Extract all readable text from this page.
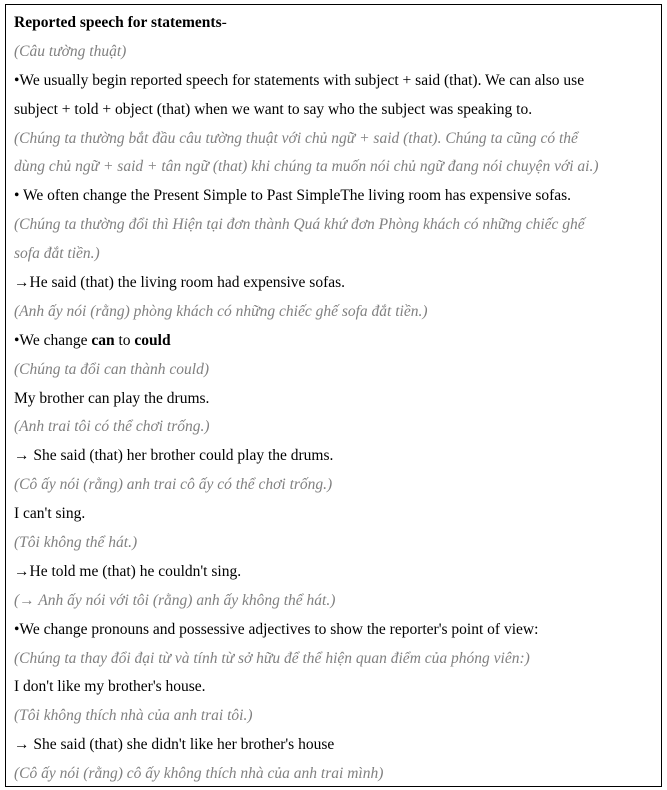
Reported speech for statements-
(Câu tường thuật)
•We usually begin reported speech for statements with subject + said (that). We can also use
subject + told + object (that) when we want to say who the subject was speaking to.
(Chúng ta thường bắt đầu câu tường thuật với chủ ngữ + said (that). Chúng ta cũng có thể
dùng chủ ngữ + said + tân ngữ (that) khi chúng ta muốn nói chủ ngữ đang nói chuyện với ai.)
• We often change the Present Simple to Past SimpleThe living room has expensive sofas.
(Chúng ta thường đổi thì Hiện tại đơn thành Quá khứ đơn Phòng khách có những chiếc ghế
sofa đắt tiền.)
→He said (that) the living room had expensive sofas.
(Anh ấy nói (rằng) phòng khách có những chiếc ghế sofa đắt tiền.)
•We change can to could
(Chúng ta đổi can thành could)
My brother can play the drums.
(Anh trai tôi có thể chơi trống.)
→ She said (that) her brother could play the drums.
(Cô ấy nói (rằng) anh trai cô ấy có thể chơi trống.)
I can't sing.
(Tôi không thể hát.)
→He told me (that) he couldn't sing.
(→ Anh ấy nói với tôi (rằng) anh ấy không thể hát.)
•We change pronouns and possessive adjectives to show the reporter's point of view:
(Chúng ta thay đổi đại từ và tính từ sở hữu để thể hiện quan điểm của phóng viên:)
I don't like my brother's house.
(Tôi không thích nhà của anh trai tôi.)
→ She said (that) she didn't like her brother's house
(Cô ấy nói (rằng) cô ấy không thích nhà của anh trai mình)
